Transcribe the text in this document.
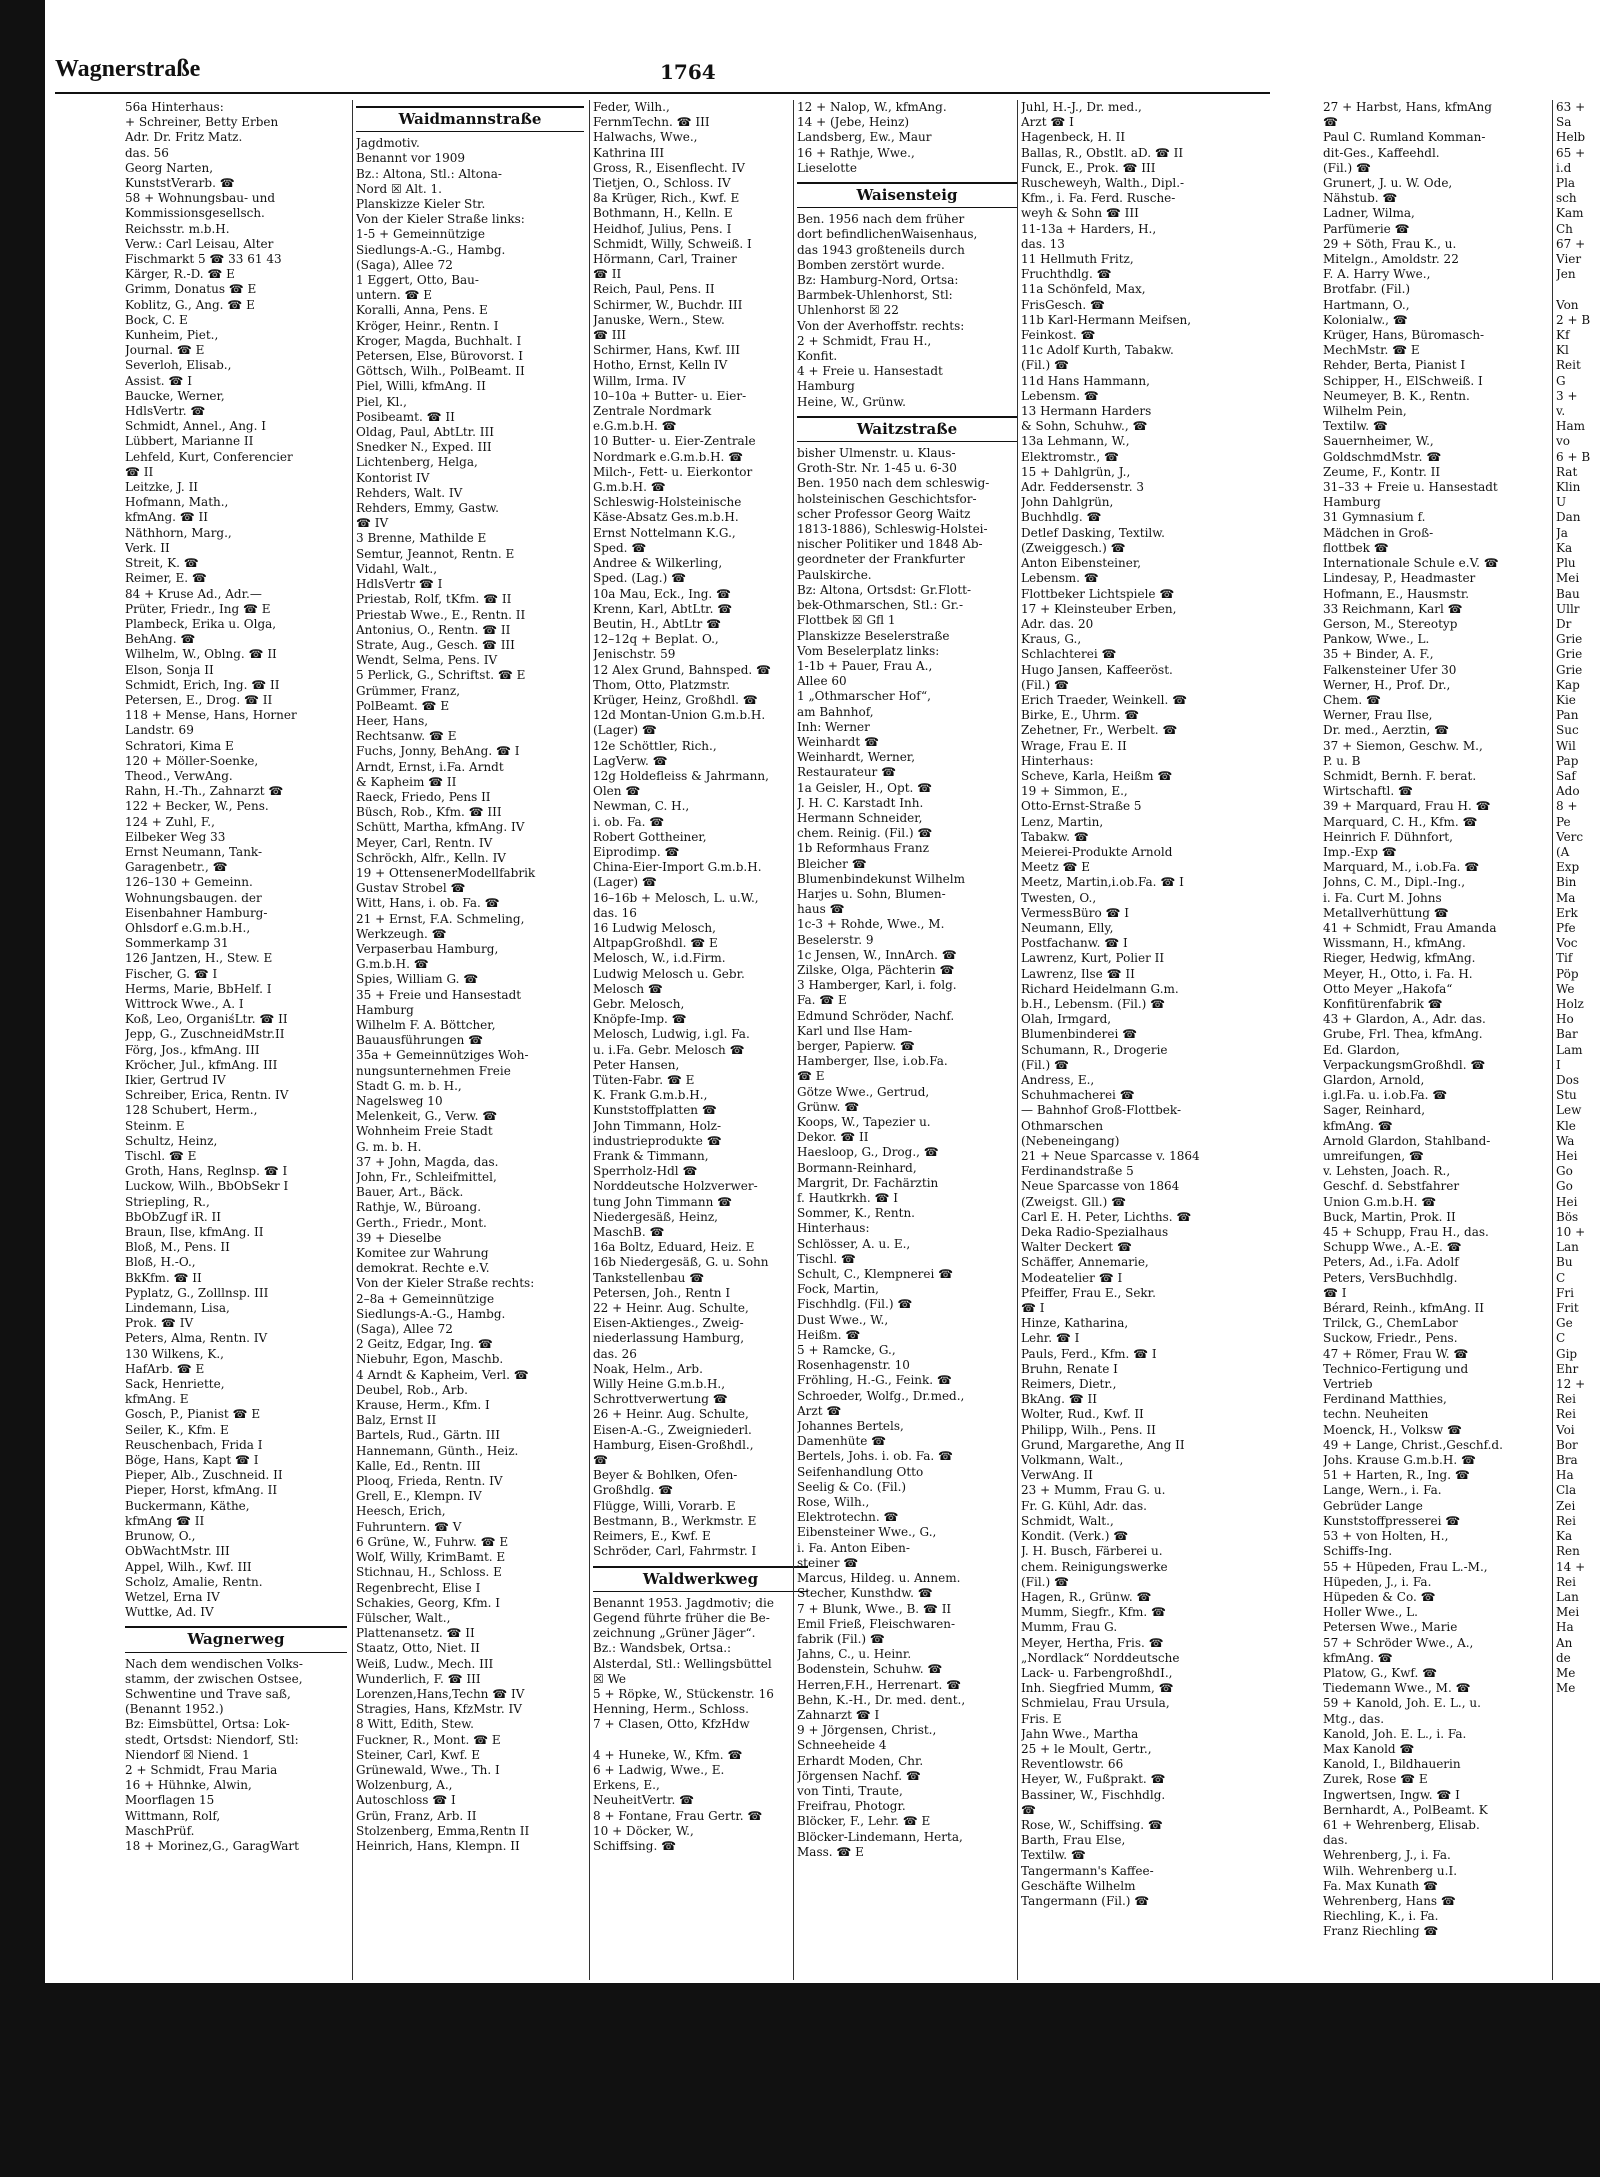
Wagnerstraße	1764
56a Hinterhaus:
+ Schreiner, Betty Erben
Adr. Dr. Fritz Matz.
das. 56
Georg Narten,
KunststVerarb. ☎
58 + Wohnungsbau- und
Kommissionsgesellsch.
Reichsstr. m.b.H.
Verw.: Carl Leisau, Alter
Fischmarkt 5 ☎ 33 61 43
Kärger, R.-D. ☎ E
Grimm, Donatus ☎ E
Koblitz, G., Ang. ☎ E
Bock, C. E
Kunheim, Piet.,
Journal. ☎ E
Severloh, Elisab.,
Assist. ☎ I
Baucke, Werner,
HdlsVertr. ☎
Schmidt, Annel., Ang. I
Lübbert, Marianne II
Lehfeld, Kurt, Conferencier
☎ II
Leitzke, J. II
Hofmann, Math.,
kfmAng. ☎ II
Näthhorn, Marg.,
Verk. II
Streit, K. ☎
Reimer, E. ☎
84 + Kruse Ad., Adr.—
Prüter, Friedr., Ing ☎ E
Plambeck, Erika u. Olga,
BehAng. ☎
Wilhelm, W., Oblng. ☎ II
Elson, Sonja II
Schmidt, Erich, Ing. ☎ II
Petersen, E., Drog. ☎ II
118 + Mense, Hans, Horner
Landstr. 69
Schratori, Kima E
120 + Möller-Soenke,
Theod., VerwAng.
Rahn, H.-Th., Zahnarzt ☎
122 + Becker, W., Pens.
124 + Zuhl, F.,
Eilbeker Weg 33
Ernst Neumann, Tank-
Garagenbetr., ☎
126–130 + Gemeinn.
Wohnungsbaugen. der
Eisenbahner Hamburg-
Ohlsdorf e.G.m.b.H.,
Sommerkamp 31
126 Jantzen, H., Stew. E
Fischer, G. ☎ I
Herms, Marie, BbHelf. I
Wittrock Wwe., A. I
Koß, Leo, OrganiśLtr. ☎ II
Jepp, G., ZuschneidMstr.II
Förg, Jos., kfmAng. III
Kröcher, Jul., kfmAng. III
Ikier, Gertrud IV
Schreiber, Erica, Rentn. IV
128 Schubert, Herm.,
Steinm. E
Schultz, Heinz,
Tischl. ☎ E
Groth, Hans, Reglnsp. ☎ I
Luckow, Wilh., BbObSekr I
Striepling, R.,
BbObZugf iR. II
Braun, Ilse, kfmAng. II
Bloß, M., Pens. II
Bloß, H.-O.,
BkKfm. ☎ II
Pyplatz, G., Zolllnsp. III
Lindemann, Lisa,
Prok. ☎ IV
Peters, Alma, Rentn. IV
130 Wilkens, K.,
HafArb. ☎ E
Sack, Henriette,
kfmAng. E
Gosch, P., Pianist ☎ E
Seiler, K., Kfm. E
Reuschenbach, Frida I
Böge, Hans, Kapt ☎ I
Pieper, Alb., Zuschneid. II
Pieper, Horst, kfmAng. II
Buckermann, Käthe,
kfmAng ☎ II
Brunow, O.,
ObWachtMstr. III
Appel, Wilh., Kwf. III
Scholz, Amalie, Rentn.
Wetzel, Erna IV
Wuttke, Ad. IV
Wagnerweg
Nach dem wendischen Volks-
stamm, der zwischen Ostsee,
Schwentine und Trave saß,
(Benannt 1952.)
Bz: Eimsbüttel, Ortsa: Lok-
stedt, Ortsdst: Niendorf, Stl:
Niendorf ☒ Niend. 1
2 + Schmidt, Frau Maria
16 + Hühnke, Alwin,
Moorflagen 15
Wittmann, Rolf,
MaschPrüf.
18 + Morinez,G., GaragWart
Waidmannstraße
Jagdmotiv.
Benannt vor 1909
Bz.: Altona, Stl.: Altona-
Nord ☒ Alt. 1.
Planskizze Kieler Str.
Von der Kieler Straße links:
1-5 + Gemeinnützige
Siedlungs-A.-G., Hambg.
(Saga), Allee 72
1 Eggert, Otto, Bau-
untern. ☎ E
Koralli, Anna, Pens. E
Kröger, Heinr., Rentn. I
Kroger, Magda, Buchhalt. I
Petersen, Else, Bürovorst. I
Göttsch, Wilh., PolBeamt. II
Piel, Willi, kfmAng. II
Piel, Kl.,
Posibeamt. ☎ II
Oldag, Paul, AbtLtr. III
Snedker N., Exped. III
Lichtenberg, Helga,
Kontorist IV
Rehders, Walt. IV
Rehders, Emmy, Gastw.
☎ IV
3 Brenne, Mathilde E
Semtur, Jeannot, Rentn. E
Vidahl, Walt.,
HdlsVertr ☎ I
Priestab, Rolf, tKfm. ☎ II
Priestab Wwe., E., Rentn. II
Antonius, O., Rentn. ☎ II
Strate, Aug., Gesch. ☎ III
Wendt, Selma, Pens. IV
5 Perlick, G., Schriftst. ☎ E
Grümmer, Franz,
PolBeamt. ☎ E
Heer, Hans,
Rechtsanw. ☎ E
Fuchs, Jonny, BehAng. ☎ I
Arndt, Ernst, i.Fa. Arndt
& Kapheim ☎ II
Raeck, Friedo, Pens II
Büsch, Rob., Kfm. ☎ III
Schütt, Martha, kfmAng. IV
Meyer, Carl, Rentn. IV
Schröckh, Alfr., Kelln. IV
19 + OttensenerModellfabrik
Gustav Strobel ☎
Witt, Hans, i. ob. Fa. ☎
21 + Ernst, F.A. Schmeling,
Werkzeugh. ☎
Verpaserbau Hamburg,
G.m.b.H. ☎
Spies, William G. ☎
35 + Freie und Hansestadt
Hamburg
Wilhelm F. A. Böttcher,
Bauausführungen ☎
35a + Gemeinnütziges Woh-
nungsunternehmen Freie
Stadt G. m. b. H.,
Nagelsweg 10
Melenkeit, G., Verw. ☎
Wohnheim Freie Stadt
G. m. b. H.
37 + John, Magda, das.
John, Fr., Schleifmittel,
Bauer, Art., Bäck.
Rathje, W., Büroang.
Gerth., Friedr., Mont.
39 + Dieselbe
Komitee zur Wahrung
demokrat. Rechte e.V.
Von der Kieler Straße rechts:
2–8a + Gemeinnützige
Siedlungs-A.-G., Hambg.
(Saga), Allee 72
2 Geitz, Edgar, Ing. ☎
Niebuhr, Egon, Maschb.
4 Arndt & Kapheim, Verl. ☎
Deubel, Rob., Arb.
Krause, Herm., Kfm. I
Balz, Ernst II
Bartels, Rud., Gärtn. III
Hannemann, Günth., Heiz.
Kalle, Ed., Rentn. III
Plooq, Frieda, Rentn. IV
Grell, E., Klempn. IV
Heesch, Erich,
Fuhruntern. ☎ V
6 Grüne, W., Fuhrw. ☎ E
Wolf, Willy, KrimBamt. E
Stichnau, H., Schloss. E
Regenbrecht, Elise I
Schakies, Georg, Kfm. I
Fülscher, Walt.,
Plattenansetz. ☎ II
Staatz, Otto, Niet. II
Weiß, Ludw., Mech. III
Wunderlich, F. ☎ III
Lorenzen,Hans,Techn ☎ IV
Stragies, Hans, KfzMstr. IV
8 Witt, Edith, Stew.
Fuckner, R., Mont. ☎ E
Steiner, Carl, Kwf. E
Grünewald, Wwe., Th. I
Wolzenburg, A.,
Autoschloss ☎ I
Grün, Franz, Arb. II
Stolzenberg, Emma,Rentn II
Heinrich, Hans, Klempn. II
Feder, Wilh.,
FernmTechn. ☎ III
Halwachs, Wwe.,
Kathrina III
Gross, R., Eisenflecht. IV
Tietjen, O., Schloss. IV
8a Krüger, Rich., Kwf. E
Bothmann, H., Kelln. E
Heidhof, Julius, Pens. I
Schmidt, Willy, Schweiß. I
Hörmann, Carl, Trainer
☎ II
Reich, Paul, Pens. II
Schirmer, W., Buchdr. III
Januske, Wern., Stew.
☎ III
Schirmer, Hans, Kwf. III
Hotho, Ernst, Kelln IV
Willm, Irma. IV
10–10a + Butter- u. Eier-
Zentrale Nordmark
e.G.m.b.H. ☎
10 Butter- u. Eier-Zentrale
Nordmark e.G.m.b.H. ☎
Milch-, Fett- u. Eierkontor
G.m.b.H. ☎
Schleswig-Holsteinische
Käse-Absatz Ges.m.b.H.
Ernst Nottelmann K.G.,
Sped. ☎
Andree & Wilkerling,
Sped. (Lag.) ☎
10a Mau, Eck., Ing. ☎
Krenn, Karl, AbtLtr. ☎
Beutin, H., AbtLtr ☎
12–12q + Beplat. O.,
Jenischstr. 59
12 Alex Grund, Bahnsped. ☎
Thom, Otto, Platzmstr.
Krüger, Heinz, Großhdl. ☎
12d Montan-Union G.m.b.H.
(Lager) ☎
12e Schöttler, Rich.,
LagVerw. ☎
12g Holdefleiss & Jahrmann,
Olen ☎
Newman, C. H.,
i. ob. Fa. ☎
Robert Gottheiner,
Eiprodimp. ☎
China-Eier-Import G.m.b.H.
(Lager) ☎
16–16b + Melosch, L. u.W.,
das. 16
16 Ludwig Melosch,
AltpapGroßhdl. ☎ E
Melosch, W., i.d.Firm.
Ludwig Melosch u. Gebr.
Melosch ☎
Gebr. Melosch,
Knöpfe-Imp. ☎
Melosch, Ludwig, i.gl. Fa.
u. i.Fa. Gebr. Melosch ☎
Peter Hansen,
Tüten-Fabr. ☎ E
K. Frank G.m.b.H.,
Kunststoffplatten ☎
John Timmann, Holz-
industrieprodukte ☎
Frank & Timmann,
Sperrholz-Hdl ☎
Norddeutsche Holzverwer-
tung John Timmann ☎
Niedergesäß, Heinz,
MaschB. ☎
16a Boltz, Eduard, Heiz. E
16b Niedergesäß, G. u. Sohn
Tankstellenbau ☎
Petersen, Joh., Rentn I
22 + Heinr. Aug. Schulte,
Eisen-Aktienges., Zweig-
niederlassung Hamburg,
das. 26
Noak, Helm., Arb.
Willy Heine G.m.b.H.,
Schrottverwertung ☎
26 + Heinr. Aug. Schulte,
Eisen-A.-G., Zweigniederl.
Hamburg, Eisen-Großhdl.,
☎
Beyer & Bohlken, Ofen-
Großhdlg. ☎
Flügge, Willi, Vorarb. E
Bestmann, B., Werkmstr. E
Reimers, E., Kwf. E
Schröder, Carl, Fahrmstr. I
Waldwerkweg
Benannt 1953. Jagdmotiv; die
Gegend führte früher die Be-
zeichnung „Grüner Jäger“.
Bz.: Wandsbek, Ortsa.:
Alsterdal, Stl.: Wellingsbüttel
☒ We
5 + Röpke, W., Stückenstr. 16
Henning, Herm., Schloss.
7 + Clasen, Otto, KfzHdw

4 + Huneke, W., Kfm. ☎
6 + Ladwig, Wwe., E.
Erkens, E.,
NeuheitVertr. ☎
8 + Fontane, Frau Gertr. ☎
10 + Döcker, W.,
Schiffsing. ☎
12 + Nalop, W., kfmAng.
14 + (Jebe, Heinz)
Landsberg, Ew., Maur
16 + Rathje, Wwe.,
Lieselotte
Waisensteig
Ben. 1956 nach dem früher
dort befindlichenWaisenhaus,
das 1943 großteneils durch
Bomben zerstört wurde.
Bz: Hamburg-Nord, Ortsa:
Barmbek-Uhlenhorst, Stl:
Uhlenhorst ☒ 22
Von der Averhoffstr. rechts:
2 + Schmidt, Frau H.,
Konfit.
4 + Freie u. Hansestadt
Hamburg
Heine, W., Grünw.
Waitzstraße
bisher Ulmenstr. u. Klaus-
Groth-Str. Nr. 1-45 u. 6-30
Ben. 1950 nach dem schleswig-
holsteinischen Geschichtsfor-
scher Professor Georg Waitz
1813-1886), Schleswig-Holstei-
nischer Politiker und 1848 Ab-
geordneter der Frankfurter
Paulskirche.
Bz: Altona, Ortsdst: Gr.Flott-
bek-Othmarschen, Stl.: Gr.-
Flottbek ☒ Gfl 1
Planskizze Beselerstraße
Vom Beselerplatz links:
1-1b + Pauer, Frau A.,
Allee 60
1 „Othmarscher Hof“,
am Bahnhof,
Inh: Werner
Weinhardt ☎
Weinhardt, Werner,
Restaurateur ☎
1a Geisler, H., Opt. ☎
J. H. C. Karstadt Inh.
Hermann Schneider,
chem. Reinig. (Fil.) ☎
1b Reformhaus Franz
Bleicher ☎
Blumenbindekunst Wilhelm
Harjes u. Sohn, Blumen-
haus ☎
1c-3 + Rohde, Wwe., M.
Beselerstr. 9
1c Jensen, W., InnArch. ☎
Zilske, Olga, Pächterin ☎
3 Hamberger, Karl, i. folg.
Fa. ☎ E
Edmund Schröder, Nachf.
Karl und Ilse Ham-
berger, Papierw. ☎
Hamberger, Ilse, i.ob.Fa.
☎ E
Götze Wwe., Gertrud,
Grünw. ☎
Koops, W., Tapezier u.
Dekor. ☎ II
Haesloop, G., Drog., ☎
Bormann-Reinhard,
Margrit, Dr. Fachärztin
f. Hautkrkh. ☎ I
Sommer, K., Rentn.
Hinterhaus:
Schlösser, A. u. E.,
Tischl. ☎
Schult, C., Klempnerei ☎
Fock, Martin,
Fischhdlg. (Fil.) ☎
Dust Wwe., W.,
Heißm. ☎
5 + Ramcke, G.,
Rosenhagenstr. 10
Fröhling, H.-G., Feink. ☎
Schroeder, Wolfg., Dr.med.,
Arzt ☎
Johannes Bertels,
Damenhüte ☎
Bertels, Johs. i. ob. Fa. ☎
Seifenhandlung Otto
Seelig & Co. (Fil.)
Rose, Wilh.,
Elektrotechn. ☎
Eibensteiner Wwe., G.,
i. Fa. Anton Eiben-
steiner ☎
Marcus, Hildeg. u. Annem.
Stecher, Kunsthdw. ☎
7 + Blunk, Wwe., B. ☎ II
Emil Frieß, Fleischwaren-
fabrik (Fil.) ☎
Jahns, C., u. Heinr.
Bodenstein, Schuhw. ☎
Herren,F.H., Herrenart. ☎
Behn, K.-H., Dr. med. dent.,
Zahnarzt ☎ I
9 + Jörgensen, Christ.,
Schneeheide 4
Erhardt Moden, Chr.
Jörgensen Nachf. ☎
von Tinti, Traute,
Freifrau, Photogr.
Blöcker, F., Lehr. ☎ E
Blöcker-Lindemann, Herta,
Mass. ☎ E
Juhl, H.-J., Dr. med.,
Arzt ☎ I
Hagenbeck, H. II
Ballas, R., Obstlt. aD. ☎ II
Funck, E., Prok. ☎ III
Ruscheweyh, Walth., Dipl.-
Kfm., i. Fa. Ferd. Rusche-
weyh & Sohn ☎ III
11-13a + Harders, H.,
das. 13
11 Hellmuth Fritz,
Fruchthdlg. ☎
11a Schönfeld, Max,
FrisGesch. ☎
11b Karl-Hermann Meifsen,
Feinkost. ☎
11c Adolf Kurth, Tabakw.
(Fil.) ☎
11d Hans Hammann,
Lebensm. ☎
13 Hermann Harders
& Sohn, Schuhw., ☎
13a Lehmann, W.,
Elektromstr., ☎
15 + Dahlgrün, J.,
Adr. Feddersenstr. 3
John Dahlgrün,
Buchhdlg. ☎
Detlef Dasking, Textilw.
(Zweiggesch.) ☎
Anton Eibensteiner,
Lebensm. ☎
Flottbeker Lichtspiele ☎
17 + Kleinsteuber Erben,
Adr. das. 20
Kraus, G.,
Schlachterei ☎
Hugo Jansen, Kaffeeröst.
(Fil.) ☎
Erich Traeder, Weinkell. ☎
Birke, E., Uhrm. ☎
Zehetner, Fr., Werbelt. ☎
Wrage, Frau E. II
Hinterhaus:
Scheve, Karla, Heißm ☎
19 + Simmon, E.,
Otto-Ernst-Straße 5
Lenz, Martin,
Tabakw. ☎
Meierei-Produkte Arnold
Meetz ☎ E
Meetz, Martin,i.ob.Fa. ☎ I
Twesten, O.,
VermessBüro ☎ I
Neumann, Elly,
Postfachanw. ☎ I
Lawrenz, Kurt, Polier II
Lawrenz, Ilse ☎ II
Richard Heidelmann G.m.
b.H., Lebensm. (Fil.) ☎
Olah, Irmgard,
Blumenbinderei ☎
Schumann, R., Drogerie
(Fil.) ☎
Andress, E.,
Schuhmacherei ☎
— Bahnhof Groß-Flottbek-
Othmarschen
(Nebeneingang)
21 + Neue Sparcasse v. 1864
Ferdinandstraße 5
Neue Sparcasse von 1864
(Zweigst. Gll.) ☎
Carl E. H. Peter, Lichths. ☎
Deka Radio-Spezialhaus
Walter Deckert ☎
Schäffer, Annemarie,
Modeatelier ☎ I
Pfeiffer, Frau E., Sekr.
☎ I
Hinze, Katharina,
Lehr. ☎ I
Pauls, Ferd., Kfm. ☎ I
Bruhn, Renate I
Reimers, Dietr.,
BkAng. ☎ II
Wolter, Rud., Kwf. II
Philipp, Wilh., Pens. II
Grund, Margarethe, Ang II
Volkmann, Walt.,
VerwAng. II
23 + Mumm, Frau G. u.
Fr. G. Kühl, Adr. das.
Schmidt, Walt.,
Kondit. (Verk.) ☎
J. H. Busch, Färberei u.
chem. Reinigungswerke
(Fil.) ☎
Hagen, R., Grünw. ☎
Mumm, Siegfr., Kfm. ☎
Mumm, Frau G.
Meyer, Hertha, Fris. ☎
„Nordlack“ Norddeutsche
Lack- u. FarbengroßhdI.,
Inh. Siegfried Mumm, ☎
Schmielau, Frau Ursula,
Fris. E
Jahn Wwe., Martha
25 + le Moult, Gertr.,
Reventlowstr. 66
Heyer, W., Fußprakt. ☎
Bassiner, W., Fischhdlg.
☎
Rose, W., Schiffsing. ☎
Barth, Frau Else,
Textilw. ☎
Tangermann's Kaffee-
Geschäfte Wilhelm
Tangermann (Fil.) ☎
27 + Harbst, Hans, kfmAng
☎
Paul C. Rumland Komman-
dit-Ges., Kaffeehdl.
(Fil.) ☎
Grunert, J. u. W. Ode,
Nähstub. ☎
Ladner, Wilma,
Parfümerie ☎
29 + Söth, Frau K., u.
Mitelgn., Amoldstr. 22
F. A. Harry Wwe.,
Brotfabr. (Fil.)
Hartmann, O.,
Kolonialw., ☎
Krüger, Hans, Büromasch-
MechMstr. ☎ E
Rehder, Berta, Pianist I
Schipper, H., ElSchweiß. I
Neumeyer, B. K., Rentn.
Wilhelm Pein,
Textilw. ☎
Sauernheimer, W.,
GoldschmdMstr. ☎
Zeume, F., Kontr. II
31–33 + Freie u. Hansestadt
Hamburg
31 Gymnasium f.
Mädchen in Groß-
flottbek ☎
Internationale Schule e.V. ☎
Lindesay, P., Headmaster
Hofmann, E., Hausmstr.
33 Reichmann, Karl ☎
Gerson, M., Stereotyp
Pankow, Wwe., L.
35 + Binder, A. F.,
Falkensteiner Ufer 30
Werner, H., Prof. Dr.,
Chem. ☎
Werner, Frau Ilse,
Dr. med., Aerztin, ☎
37 + Siemon, Geschw. M.,
P. u. B
Schmidt, Bernh. F. berat.
Wirtschaftl. ☎
39 + Marquard, Frau H. ☎
Marquard, C. H., Kfm. ☎
Heinrich F. Dühnfort,
Imp.-Exp ☎
Marquard, M., i.ob.Fa. ☎
Johns, C. M., Dipl.-Ing.,
i. Fa. Curt M. Johns
Metallverhüttung ☎
41 + Schmidt, Frau Amanda
Wissmann, H., kfmAng.
Rieger, Hedwig, kfmAng.
Meyer, H., Otto, i. Fa. H.
Otto Meyer „Hakofa“
Konfitürenfabrik ☎
43 + Glardon, A., Adr. das.
Grube, Frl. Thea, kfmAng.
Ed. Glardon,
VerpackungsmGroßhdl. ☎
Glardon, Arnold,
i.gl.Fa. u. i.ob.Fa. ☎
Sager, Reinhard,
kfmAng. ☎
Arnold Glardon, Stahlband-
umreifungen, ☎
v. Lehsten, Joach. R.,
Geschf. d. Sebstfahrer
Union G.m.b.H. ☎
Buck, Martin, Prok. II
45 + Schupp, Frau H., das.
Schupp Wwe., A.-E. ☎
Peters, Ad., i.Fa. Adolf
Peters, VersBuchhdlg.
☎ I
Bérard, Reinh., kfmAng. II
Trilck, G., ChemLabor
Suckow, Friedr., Pens.
47 + Römer, Frau W. ☎
Technico-Fertigung und
Vertrieb
Ferdinand Matthies,
techn. Neuheiten
Moenck, H., Volksw ☎
49 + Lange, Christ.,Geschf.d.
Johs. Krause G.m.b.H. ☎
51 + Harten, R., Ing. ☎
Lange, Wern., i. Fa.
Gebrüder Lange
Kunststoffpresserei ☎
53 + von Holten, H.,
Schiffs-Ing.
55 + Hüpeden, Frau L.-M.,
Hüpeden, J., i. Fa.
Hüpeden & Co. ☎
Holler Wwe., L.
Petersen Wwe., Marie
57 + Schröder Wwe., A.,
kfmAng. ☎
Platow, G., Kwf. ☎
Tiedemann Wwe., M. ☎
59 + Kanold, Joh. E. L., u.
Mtg., das.
Kanold, Joh. E. L., i. Fa.
Max Kanold ☎
Kanold, I., Bildhauerin
Zurek, Rose ☎ E
Ingwertsen, Ingw. ☎ I
Bernhardt, A., PolBeamt. K
61 + Wehrenberg, Elisab.
das.
Wehrenberg, J., i. Fa.
Wilh. Wehrenberg u.I.
Fa. Max Kunath ☎
Wehrenberg, Hans ☎
Riechling, K., i. Fa.
Franz Riechling ☎
63 +
Sa
Helb
65 +
i.d
Pla
sch
Kam
Ch
67 +
Vier
Jen

Von
2 + B
Kf
Kl
Reit
G
3 +
v.
Ham
vo
6 + B
Rat
Klin
U
Dan
Ja
Ka
Plu
Mei
Bau
Ullr
Dr
Grie
Grie
Grie
Kap
Kie
Pan
Suc
Wil
Pap
Saf
Ado
8 +
Pe
Verc
(A
Exp
Bin
Ma
Erk
Pfe
Voc
Tif
Pöp
We
Holz
Ho
Bar
Lam
I
Dos
Stu
Lew
Kle
Wa
Hei
Go
Go
Hei
Bös
10 +
Lan
Bu
C
Fri
Frit
Ge
C
Gip
Ehr
12 +
Rei
Rei
Voi
Bor
Bra
Ha
Cla
Zei
Rei
Ka
Ren
14 +
Rei
Lan
Mei
Ha
An
de
Me
Me
